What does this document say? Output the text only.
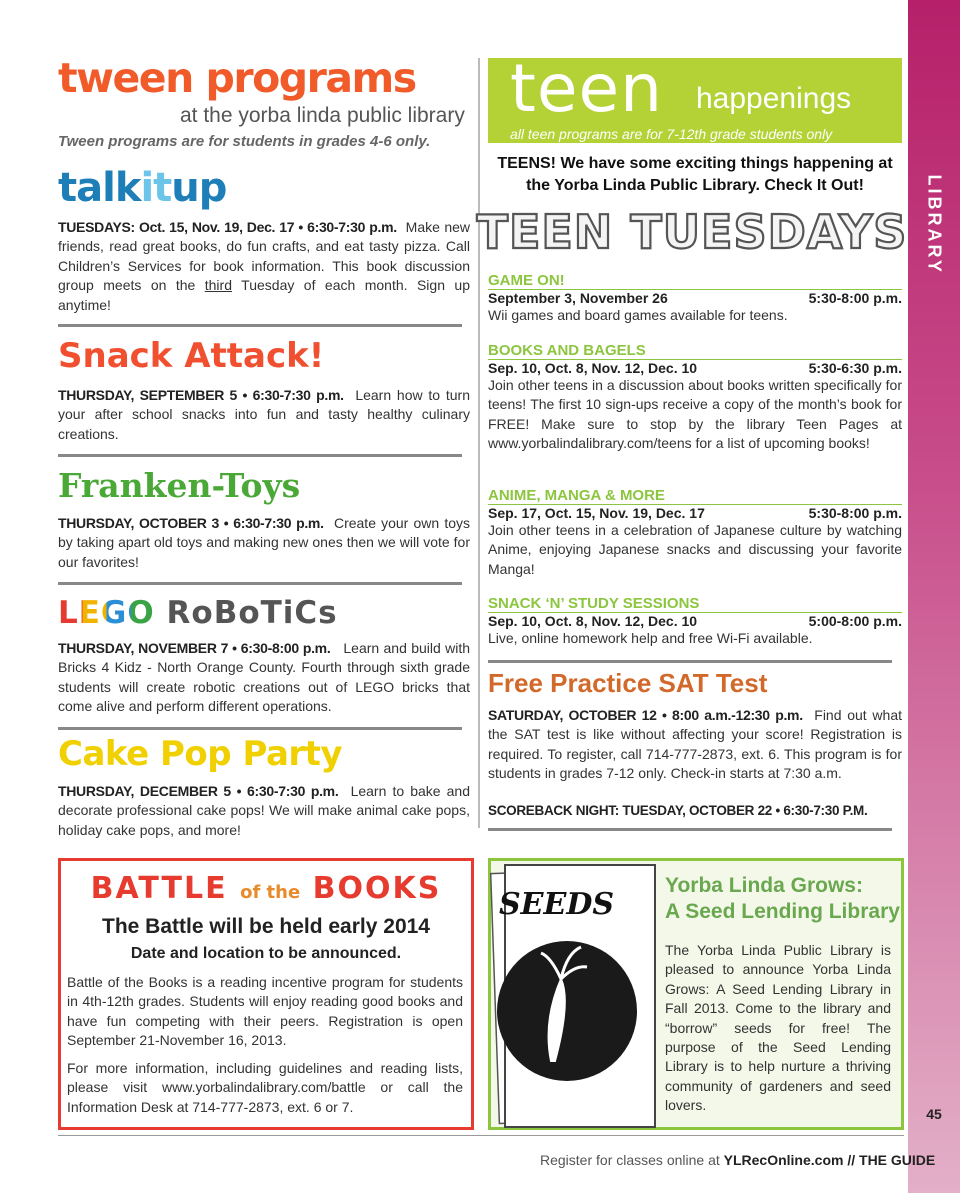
LIBRARY
45
tween programs
at the yorba linda public library
Tween programs are for students in grades 4-6 only.
talkitup
TUESDAYS: Oct. 15, Nov. 19, Dec. 17 • 6:30-7:30 p.m. Make new friends, read great books, do fun crafts, and eat tasty pizza. Call Children’s Services for book information. This book discussion group meets on the third Tuesday of each month. Sign up anytime!
Snack Attack!
THURSDAY, SEPTEMBER 5 • 6:30-7:30 p.m. Learn how to turn your after school snacks into fun and tasty healthy culinary creations.
Franken-Toys
THURSDAY, OCTOBER 3 • 6:30-7:30 p.m. Create your own toys by taking apart old toys and making new ones then we will vote for our favorites!
LEGO RoBoTiCs
THURSDAY, NOVEMBER 7 • 6:30-8:00 p.m. Learn and build with Bricks 4 Kidz - North Orange County. Fourth through sixth grade students will create robotic creations out of LEGO bricks that come alive and perform different operations.
Cake Pop Party
THURSDAY, DECEMBER 5 • 6:30-7:30 p.m. Learn to bake and decorate professional cake pops! We will make animal cake pops, holiday cake pops, and more!
BATTLE of the BOOKS
The Battle will be held early 2014
Date and location to be announced.
Battle of the Books is a reading incentive program for students in 4th-12th grades. Students will enjoy reading good books and have fun competing with their peers. Registration is open September 21-November 16, 2013.
For more information, including guidelines and reading lists, please visit www.yorbalindalibrary.com/battle or call the Information Desk at 714-777-2873, ext. 6 or 7.
teen happenings
all teen programs are for 7-12th grade students only
TEENS! We have some exciting things happening at the Yorba Linda Public Library. Check It Out!
TEEN TUESDAYS
GAME ON!
September 3, November 26	5:30-8:00 p.m.
Wii games and board games available for teens.
BOOKS AND BAGELS
Sep. 10, Oct. 8, Nov. 12, Dec. 10	5:30-6:30 p.m.
Join other teens in a discussion about books written specifically for teens! The first 10 sign-ups receive a copy of the month’s book for FREE! Make sure to stop by the library Teen Pages at www.yorbalindalibrary.com/teens for a list of upcoming books!
ANIME, MANGA & MORE
Sep. 17, Oct. 15, Nov. 19, Dec. 17	5:30-8:00 p.m.
Join other teens in a celebration of Japanese culture by watching Anime, enjoying Japanese snacks and discussing your favorite Manga!
SNACK ‘N’ STUDY SESSIONS
Sep. 10, Oct. 8, Nov. 12, Dec. 10	5:00-8:00 p.m.
Live, online homework help and free Wi-Fi available.
Free Practice SAT Test
SATURDAY, OCTOBER 12 • 8:00 a.m.-12:30 p.m. Find out what the SAT test is like without affecting your score! Registration is required. To register, call 714-777-2873, ext. 6. This program is for students in grades 7-12 only. Check-in starts at 7:30 a.m.
SCOREBACK NIGHT: TUESDAY, OCTOBER 22 • 6:30-7:30 P.M.
SEEDS
Yorba Linda Grows:
A Seed Lending Library
The Yorba Linda Public Library is pleased to announce Yorba Linda Grows: A Seed Lending Library in Fall 2013. Come to the library and “borrow” seeds for free! The purpose of the Seed Lending Library is to help nurture a thriving community of gardeners and seed lovers.
Register for classes online at YLRecOnline.com // THE GUIDE
